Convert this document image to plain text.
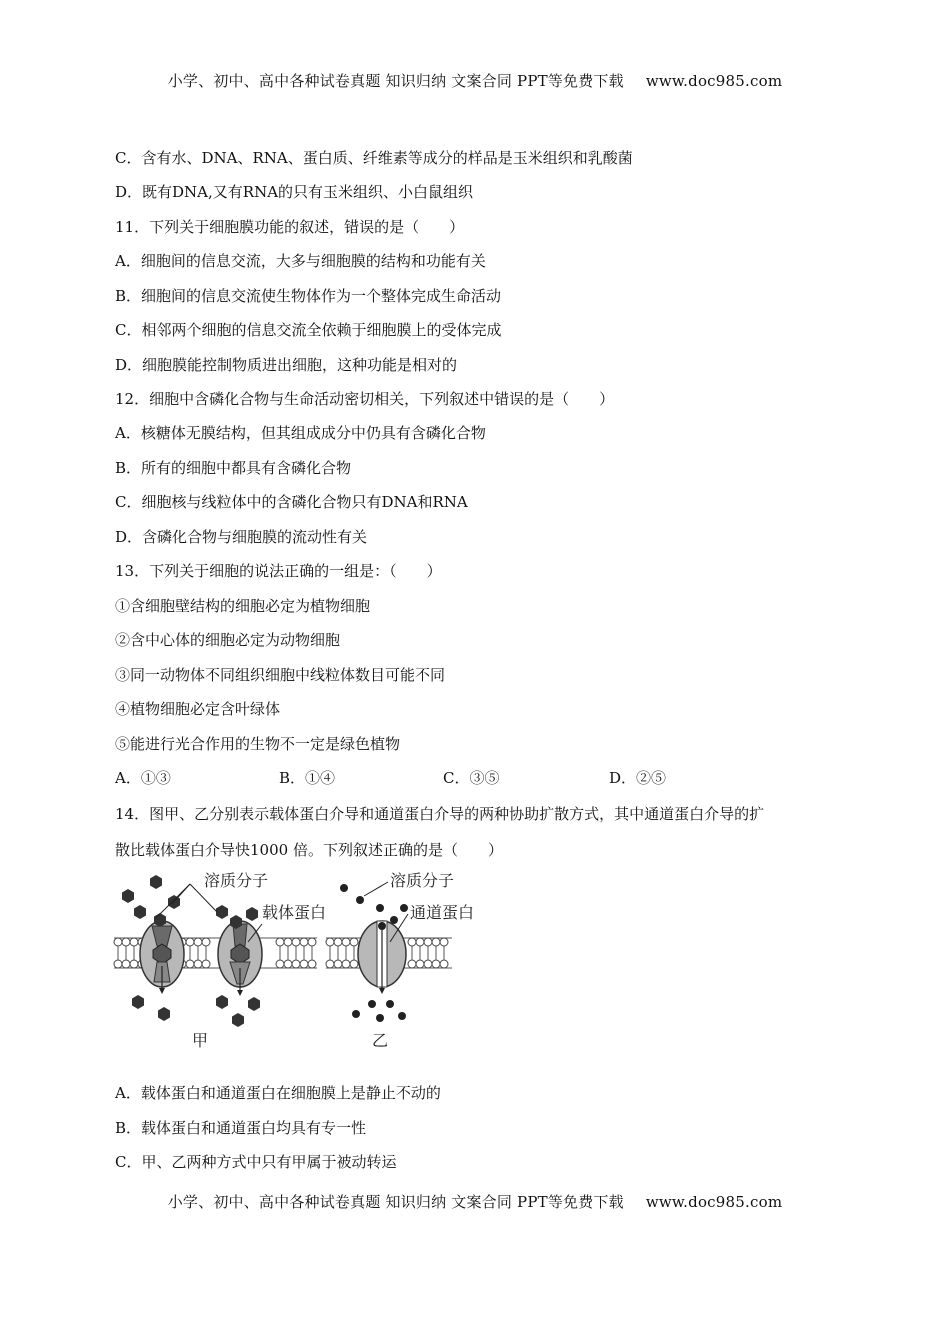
小学、初中、高中各种试卷真题 知识归纳 文案合同 PPT等免费下载 www.doc985.com
C．含有水、DNA、RNA、蛋白质、纤维素等成分的样品是玉米组织和乳酸菌
D．既有DNA,又有RNA的只有玉米组织、小白鼠组织
11．下列关于细胞膜功能的叙述，错误的是（　　）
A．细胞间的信息交流，大多与细胞膜的结构和功能有关
B．细胞间的信息交流使生物体作为一个整体完成生命活动
C．相邻两个细胞的信息交流全依赖于细胞膜上的受体完成
D．细胞膜能控制物质进出细胞，这种功能是相对的
12．细胞中含磷化合物与生命活动密切相关，下列叙述中错误的是（　　）
A．核糖体无膜结构，但其组成成分中仍具有含磷化合物
B．所有的细胞中都具有含磷化合物
C．细胞核与线粒体中的含磷化合物只有DNA和RNA
D．含磷化合物与细胞膜的流动性有关
13．下列关于细胞的说法正确的一组是：（　　）
①含细胞壁结构的细胞必定为植物细胞
②含中心体的细胞必定为动物细胞
③同一动物体不同组织细胞中线粒体数目可能不同
④植物细胞必定含叶绿体
⑤能进行光合作用的生物不一定是绿色植物
A．①③	B．①④	C．③⑤	D．②⑤
14．图甲、乙分别表示载体蛋白介导和通道蛋白介导的两种协助扩散方式，其中通道蛋白介导的扩
散比载体蛋白介导快1000 倍。下列叙述正确的是（　　）
溶质分子
载体蛋白
甲
溶质分子
通道蛋白
乙
A．载体蛋白和通道蛋白在细胞膜上是静止不动的
B．载体蛋白和通道蛋白均具有专一性
C．甲、乙两种方式中只有甲属于被动转运
小学、初中、高中各种试卷真题 知识归纳 文案合同 PPT等免费下载 www.doc985.com
